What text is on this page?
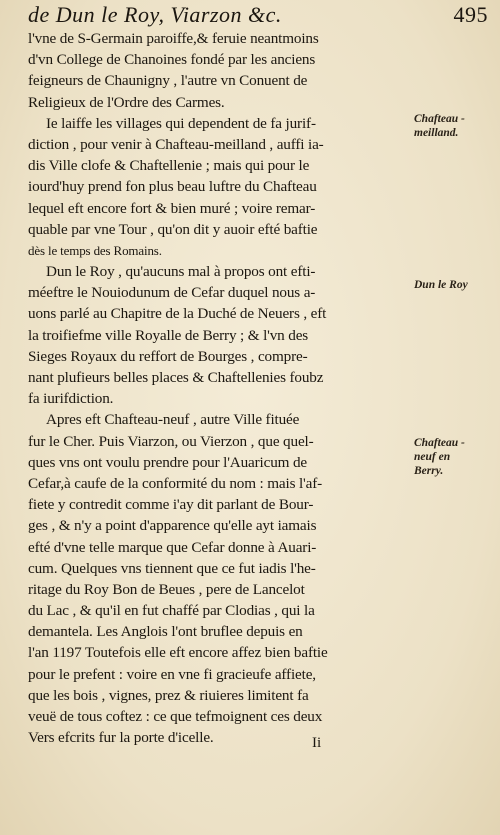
de Dun le Roy, Viarzon &c.	495
l'vne de S-Germain paroiffe,& feruie neantmoins
d'vn College de Chanoines fondé par les anciens
feigneurs de Chaunigny , l'autre vn Conuent de
Religieux de l'Ordre des Carmes.
Ie laiffe les villages qui dependent de fa jurif-
diction , pour venir à Chafteau-meilland , auffi ia-
dis Ville clofe & Chaftellenie ; mais qui pour le
iourd'huy prend fon plus beau luftre du Chafteau
lequel eft encore fort & bien muré ; voire remar-
quable par vne Tour , qu'on dit y auoir efté baftie
dès le temps des Romains.
Dun le Roy , qu'aucuns mal à propos ont efti-
méeftre le Nouiodunum de Cefar duquel nous a-
uons parlé au Chapitre de la Duché de Neuers , eft
la troifiefme ville Royalle de Berry ; & l'vn des
Sieges Royaux du reffort de Bourges , compre-
nant plufieurs belles places & Chaftellenies foubz
fa iurifdiction.
Apres eft Chafteau-neuf , autre Ville fituée
fur le Cher. Puis Viarzon, ou Vierzon , que quel-
ques vns ont voulu prendre pour l'Auaricum de
Cefar,à caufe de la conformité du nom : mais l'af-
fiete y contredit comme i'ay dit parlant de Bour-
ges , & n'y a point d'apparence qu'elle ayt iamais
efté d'vne telle marque que Cefar donne à Auari-
cum. Quelques vns tiennent que ce fut iadis l'he-
ritage du Roy Bon de Beues , pere de Lancelot
du Lac , & qu'il en fut chaffé par Clodias , qui la
demantela. Les Anglois l'ont bruflee depuis en
l'an 1197 Toutefois elle eft encore affez bien baftie
pour le prefent : voire en vne fi gracieufe affiete,
que les bois , vignes, prez & riuieres limitent fa
veuë de tous coftez : ce que tefmoignent ces deux
Vers efcrits fur la porte d'icelle.
Chafteau -
meilland.
Dun le Roy
Chafteau -
neuf en
Berry.
Ii
